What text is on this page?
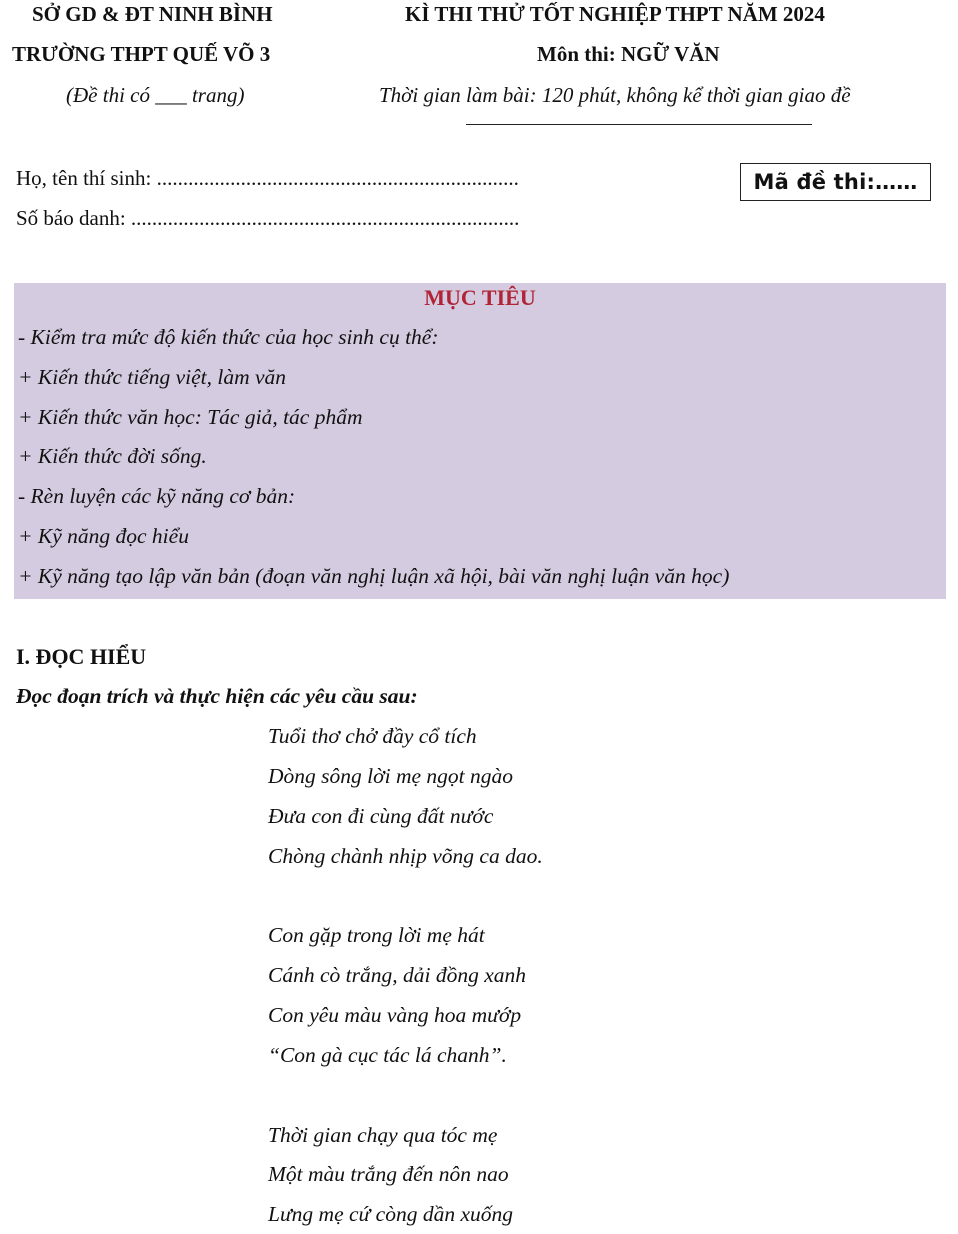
SỞ GD & ĐT NINH BÌNH
TRƯỜNG THPT QUẾ VÕ 3
(Đề thi có ___ trang)
KÌ THI THỬ TỐT NGHIỆP THPT NĂM 2024
Môn thi: NGỮ VĂN
Thời gian làm bài: 120 phút, không kể thời gian giao đề
Họ, tên thí sinh: .....................................................................
Số báo danh: ..........................................................................
Mã đề thi:……
MỤC TIÊU
- Kiểm tra mức độ kiến thức của học sinh cụ thể:
+ Kiến thức tiếng việt, làm văn
+ Kiến thức văn học: Tác giả, tác phẩm
+ Kiến thức đời sống.
- Rèn luyện các kỹ năng cơ bản:
+ Kỹ năng đọc hiểu
+ Kỹ năng tạo lập văn bản (đoạn văn nghị luận xã hội, bài văn nghị luận văn học)
I. ĐỌC HIỂU
Đọc đoạn trích và thực hiện các yêu cầu sau:
Tuổi thơ chở đầy cổ tích
Dòng sông lời mẹ ngọt ngào
Đưa con đi cùng đất nước
Chòng chành nhịp võng ca dao.
Con gặp trong lời mẹ hát
Cánh cò trắng, dải đồng xanh
Con yêu màu vàng hoa mướp
“Con gà cục tác lá chanh”.
Thời gian chạy qua tóc mẹ
Một màu trắng đến nôn nao
Lưng mẹ cứ còng dần xuống
